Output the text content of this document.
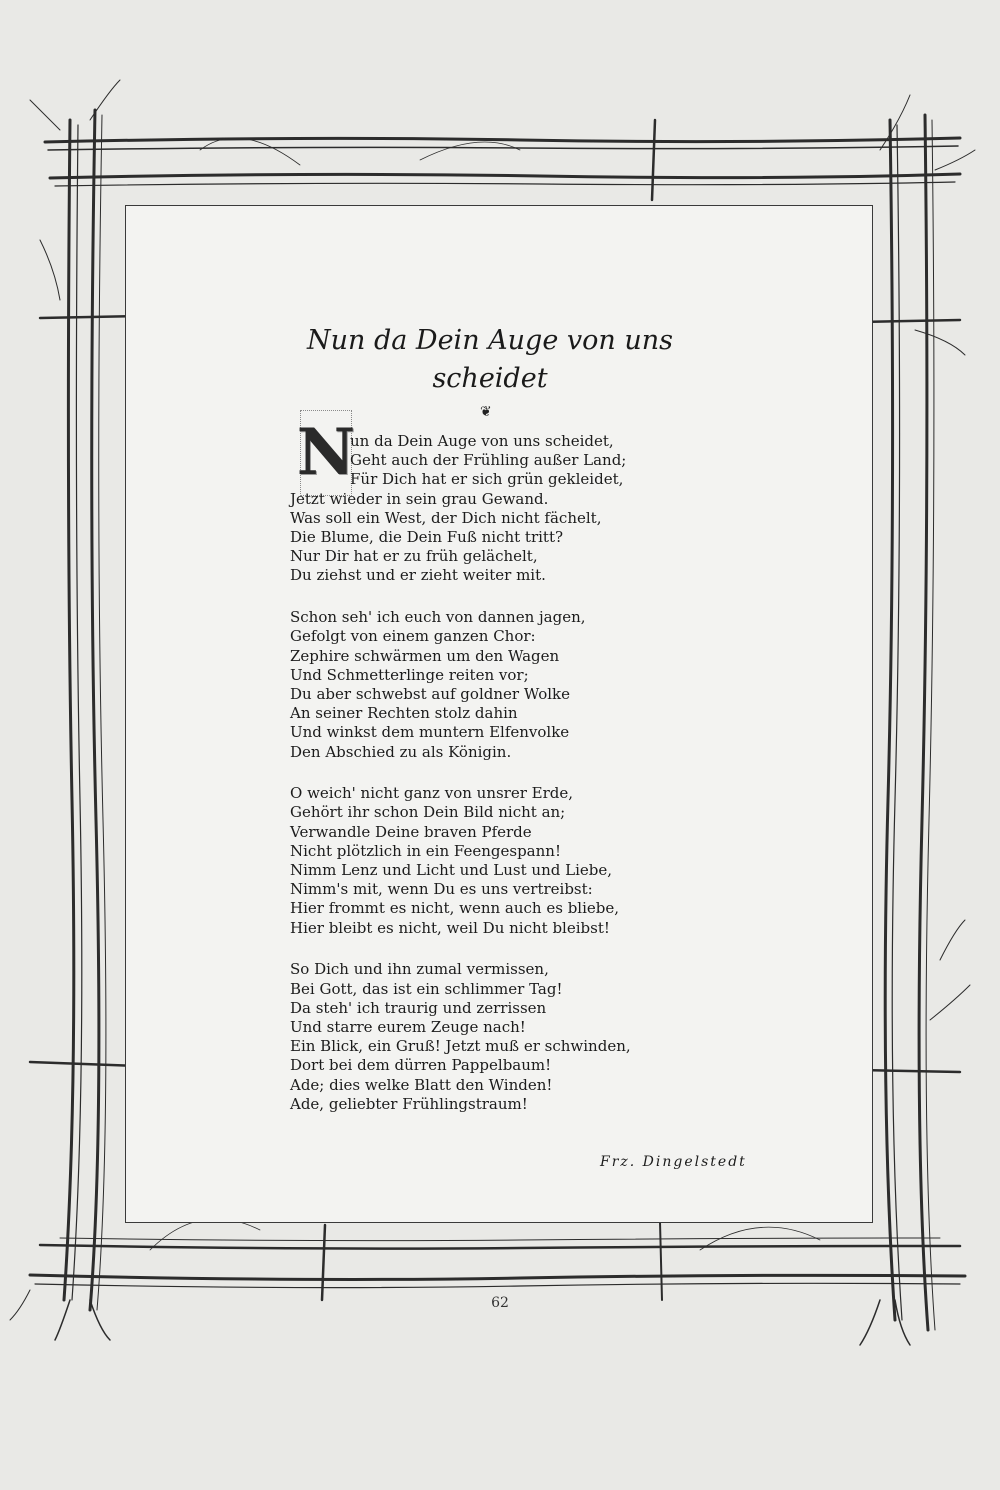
Nun da Dein Auge von uns scheidet
❦
N
un da Dein Auge von uns scheidet,
Geht auch der Frühling außer Land;
Für Dich hat er sich grün gekleidet,
Jetzt wieder in sein grau Gewand.
Was soll ein West, der Dich nicht fächelt,
Die Blume, die Dein Fuß nicht tritt?
Nur Dir hat er zu früh gelächelt,
Du ziehst und er zieht weiter mit.
Schon seh' ich euch von dannen jagen,
Gefolgt von einem ganzen Chor:
Zephire schwärmen um den Wagen
Und Schmetterlinge reiten vor;
Du aber schwebst auf goldner Wolke
An seiner Rechten stolz dahin
Und winkst dem muntern Elfenvolke
Den Abschied zu als Königin.
O weich' nicht ganz von unsrer Erde,
Gehört ihr schon Dein Bild nicht an;
Verwandle Deine braven Pferde
Nicht plötzlich in ein Feengespann!
Nimm Lenz und Licht und Lust und Liebe,
Nimm's mit, wenn Du es uns vertreibst:
Hier frommt es nicht, wenn auch es bliebe,
Hier bleibt es nicht, weil Du nicht bleibst!
So Dich und ihn zumal vermissen,
Bei Gott, das ist ein schlimmer Tag!
Da steh' ich traurig und zerrissen
Und starre eurem Zeuge nach!
Ein Blick, ein Gruß! Jetzt muß er schwinden,
Dort bei dem dürren Pappelbaum!
Ade; dies welke Blatt den Winden!
Ade, geliebter Frühlingstraum!
Frz. Dingelstedt
62
